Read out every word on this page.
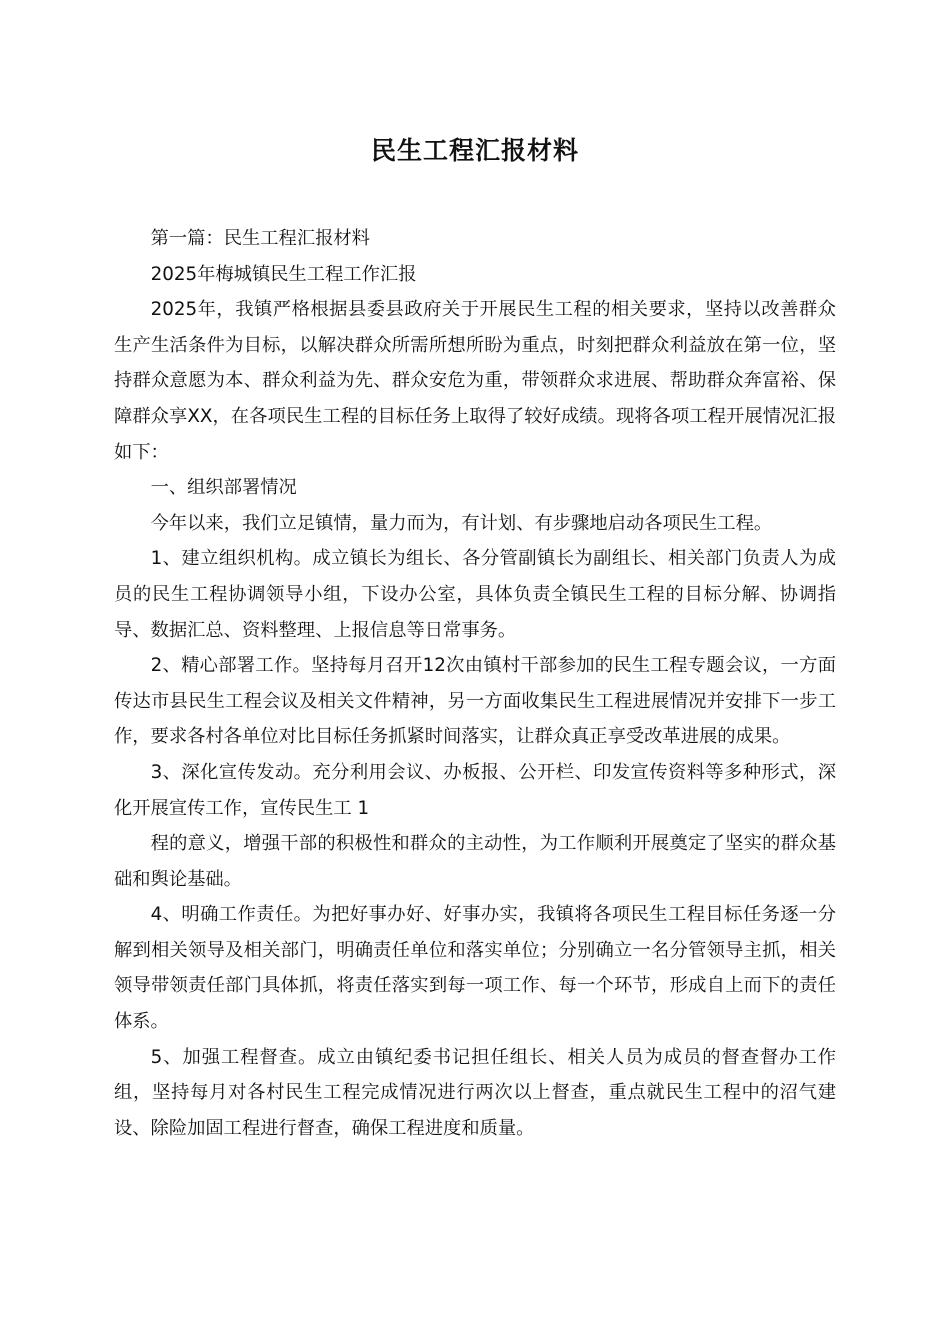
民生工程汇报材料

第一篇：民生工程汇报材料

2025年梅城镇民生工程工作汇报

2025年，我镇严格根据县委县政府关于开展民生工程的相关要求，坚持以改善群众生产生活条件为目标，以解决群众所需所想所盼为重点，时刻把群众利益放在第一位，坚持群众意愿为本、群众利益为先、群众安危为重，带领群众求进展、帮助群众奔富裕、保障群众享XX，在各项民生工程的目标任务上取得了较好成绩。现将各项工程开展情况汇报如下：

一、组织部署情况

今年以来，我们立足镇情，量力而为，有计划、有步骤地启动各项民生工程。

1、建立组织机构。成立镇长为组长、各分管副镇长为副组长、相关部门负责人为成员的民生工程协调领导小组，下设办公室，具体负责全镇民生工程的目标分解、协调指导、数据汇总、资料整理、上报信息等日常事务。

2、精心部署工作。坚持每月召开12次由镇村干部参加的民生工程专题会议，一方面传达市县民生工程会议及相关文件精神，另一方面收集民生工程进展情况并安排下一步工作，要求各村各单位对比目标任务抓紧时间落实，让群众真正享受改革进展的成果。

3、深化宣传发动。充分利用会议、办板报、公开栏、印发宣传资料等多种形式，深化开展宣传工作，宣传民生工 1

程的意义，增强干部的积极性和群众的主动性，为工作顺利开展奠定了坚实的群众基础和舆论基础。

4、明确工作责任。为把好事办好、好事办实，我镇将各项民生工程目标任务逐一分解到相关领导及相关部门，明确责任单位和落实单位；分别确立一名分管领导主抓，相关领导带领责任部门具体抓，将责任落实到每一项工作、每一个环节，形成自上而下的责任体系。

5、加强工程督查。成立由镇纪委书记担任组长、相关人员为成员的督查督办工作组，坚持每月对各村民生工程完成情况进行两次以上督查，重点就民生工程中的沼气建设、除险加固工程进行督查，确保工程进度和质量。
